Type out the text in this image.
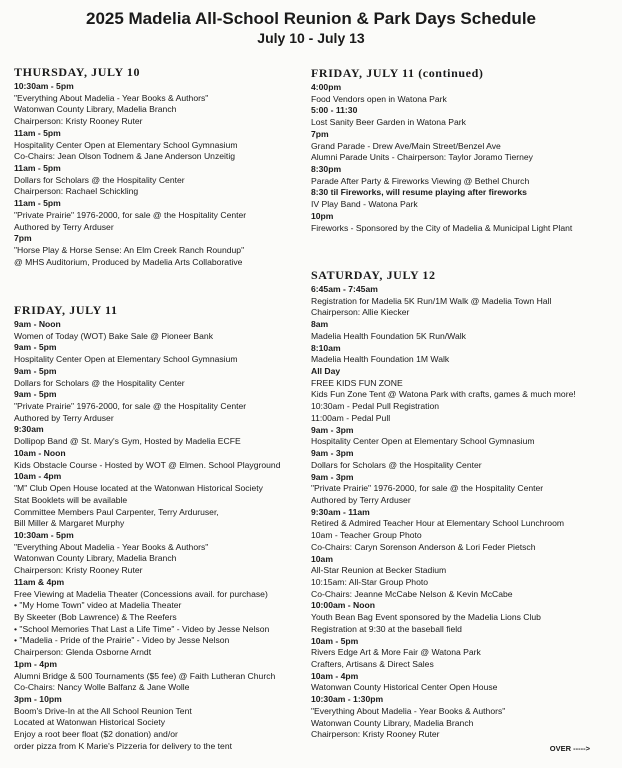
2025 Madelia All-School Reunion & Park Days Schedule
July 10 - July 13
THURSDAY, JULY 10
10:30am - 5pm
"Everything About Madelia - Year Books & Authors"
Watonwan County Library, Madelia Branch
Chairperson: Kristy Rooney Ruter
11am - 5pm
Hospitality Center Open at Elementary School Gymnasium
Co-Chairs: Jean Olson Todnem & Jane Anderson Unzeitig
11am - 5pm
Dollars for Scholars @ the Hospitality Center
Chairperson: Rachael Schickling
11am - 5pm
"Private Prairie" 1976-2000, for sale @ the Hospitality Center
Authored by Terry Arduser
7pm
"Horse Play & Horse Sense: An Elm Creek Ranch Roundup"
@ MHS Auditorium, Produced by Madelia Arts Collaborative
FRIDAY, JULY 11
9am - Noon
Women of Today (WOT) Bake Sale @ Pioneer Bank
9am - 5pm
Hospitality Center Open at Elementary School Gymnasium
9am - 5pm
Dollars for Scholars @ the Hospitality Center
9am - 5pm
"Private Prairie" 1976-2000, for sale @ the Hospitality Center
Authored by Terry Arduser
9:30am
Dollipop Band @ St. Mary's Gym, Hosted by Madelia ECFE
10am - Noon
Kids Obstacle Course - Hosted by WOT @ Elmen. School Playground
10am - 4pm
"M" Club Open House located at the Watonwan Historical Society
Stat Booklets will be available
Committee Members Paul Carpenter, Terry Arduruser,
Bill Miller & Margaret Murphy
10:30am - 5pm
"Everything About Madelia - Year Books & Authors"
Watonwan County Library, Madelia Branch
Chairperson: Kristy Rooney Ruter
11am & 4pm
Free Viewing at Madelia Theater (Concessions avail. for purchase)
• "My Home Town" video at Madelia Theater
By Skeeter (Bob Lawrence) & The Reefers
• "School Memories That Last a Life Time" - Video by Jesse Nelson
• "Madelia - Pride of the Prairie" - Video by Jesse Nelson
Chairperson: Glenda Osborne Arndt
1pm - 4pm
Alumni Bridge & 500 Tournaments ($5 fee) @ Faith Lutheran Church
Co-Chairs: Nancy Wolle Balfanz & Jane Wolle
3pm - 10pm
Boom's Drive-In at the All School Reunion Tent
Located at Watonwan Historical Society
Enjoy a root beer float ($2 donation) and/or
order pizza from K Marie's Pizzeria for delivery to the tent
FRIDAY, JULY 11 (continued)
4:00pm
Food Vendors open in Watona Park
5:00 - 11:30
Lost Sanity Beer Garden in Watona Park
7pm
Grand Parade - Drew Ave/Main Street/Benzel Ave
Alumni Parade Units - Chairperson: Taylor Joramo Tierney
8:30pm
Parade After Party & Fireworks Viewing @ Bethel Church
8:30 til Fireworks, will resume playing after fireworks
IV Play Band - Watona Park
10pm
Fireworks - Sponsored by the City of Madelia & Municipal Light Plant
SATURDAY, JULY 12
6:45am - 7:45am
Registration for Madelia 5K Run/1M Walk @ Madelia Town Hall
Chairperson: Allie Kiecker
8am
Madelia Health Foundation 5K Run/Walk
8:10am
Madelia Health Foundation 1M Walk
All Day
FREE KIDS FUN ZONE
Kids Fun Zone Tent @ Watona Park with crafts, games & much more!
10:30am - Pedal Pull Registration
11:00am - Pedal Pull
9am - 3pm
Hospitality Center Open at Elementary School Gymnasium
9am - 3pm
Dollars for Scholars @ the Hospitality Center
9am - 3pm
"Private Prairie" 1976-2000, for sale @ the Hospitality Center
Authored by Terry Arduser
9:30am - 11am
Retired & Admired Teacher Hour at Elementary School Lunchroom
10am - Teacher Group Photo
Co-Chairs: Caryn Sorenson Anderson & Lori Feder Pietsch
10am
All-Star Reunion at Becker Stadium
10:15am: All-Star Group Photo
Co-Chairs: Jeanne McCabe Nelson & Kevin McCabe
10:00am - Noon
Youth Bean Bag Event sponsored by the Madelia Lions Club
Registration at 9:30 at the baseball field
10am - 5pm
Rivers Edge Art & More Fair @ Watona Park
Crafters, Artisans & Direct Sales
10am - 4pm
Watonwan County Historical Center Open House
10:30am - 1:30pm
"Everything About Madelia - Year Books & Authors"
Watonwan County Library, Madelia Branch
Chairperson: Kristy Rooney Ruter
OVER ----->
